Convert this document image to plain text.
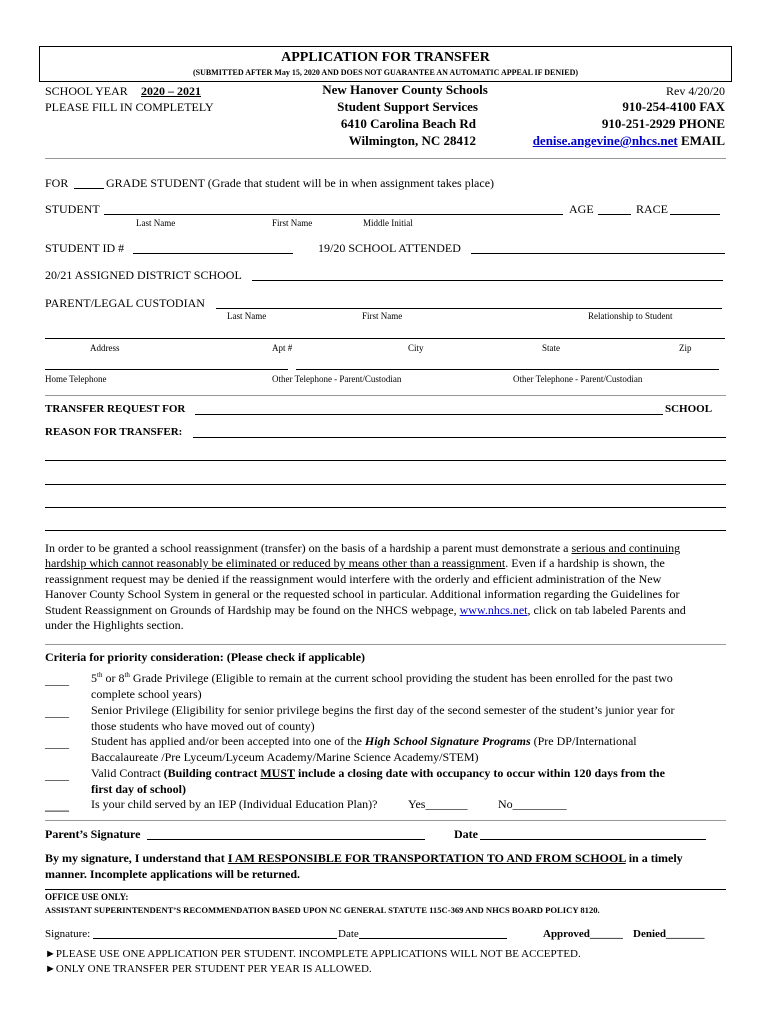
APPLICATION FOR TRANSFER
(SUBMITTED AFTER May 15, 2020 AND DOES NOT GUARANTEE AN AUTOMATIC APPEAL IF DENIED)
SCHOOL YEAR 2020 – 2021
PLEASE FILL IN COMPLETELY
New Hanover County Schools
Student Support Services
6410 Carolina Beach Rd
Wilmington, NC 28412
Rev 4/20/20
910-254-4100 FAX
910-251-2929 PHONE
denise.angevine@nhcs.net EMAIL
FOR	GRADE STUDENT (Grade that student will be in when assignment takes place)
STUDENT	AGE	RACE
Last Name	First Name	Middle Initial
STUDENT ID #	19/20 SCHOOL ATTENDED
20/21 ASSIGNED DISTRICT SCHOOL
PARENT/LEGAL CUSTODIAN
Last Name	First Name	Relationship to Student
Address	Apt #	City	State	Zip
Home Telephone	Other Telephone - Parent/Custodian	Other Telephone - Parent/Custodian
TRANSFER REQUEST FOR	SCHOOL
REASON FOR TRANSFER:
In order to be granted a school reassignment (transfer) on the basis of a hardship a parent must demonstrate a serious and continuing
hardship which cannot reasonably be eliminated or reduced by means other than a reassignment. Even if a hardship is shown, the
reassignment request may be denied if the reassignment would interfere with the orderly and efficient administration of the New
Hanover County School System in general or the requested school in particular. Additional information regarding the Guidelines for
Student Reassignment on Grounds of Hardship may be found on the NHCS webpage, www.nhcs.net, click on tab labeled Parents and
under the Highlights section.
Criteria for priority consideration: (Please check if applicable)
____ 5th or 8th Grade Privilege (Eligible to remain at the current school providing the student has been enrolled for the past two
complete school years)
____ Senior Privilege (Eligibility for senior privilege begins the first day of the second semester of the student’s junior year for
those students who have moved out of county)
____ Student has applied and/or been accepted into one of the High School Signature Programs (Pre DP/International
Baccalaureate /Pre Lyceum/Lyceum Academy/Marine Science Academy/STEM)
____ Valid Contract (Building contract MUST include a closing date with occupancy to occur within 120 days from the
first day of school)
____ Is your child served by an IEP (Individual Education Plan)?	Yes_______	No_________
Parent’s Signature	Date
By my signature, I understand that I AM RESPONSIBLE FOR TRANSPORTATION TO AND FROM SCHOOL in a timely
manner. Incomplete applications will be returned.
OFFICE USE ONLY:
ASSISTANT SUPERINTENDENT’S RECOMMENDATION BASED UPON NC GENERAL STATUTE 115C-369 AND NHCS BOARD POLICY 8120.
Signature:	Date	Approved______ Denied_______
►PLEASE USE ONE APPLICATION PER STUDENT. INCOMPLETE APPLICATIONS WILL NOT BE ACCEPTED.
►ONLY ONE TRANSFER PER STUDENT PER YEAR IS ALLOWED.
